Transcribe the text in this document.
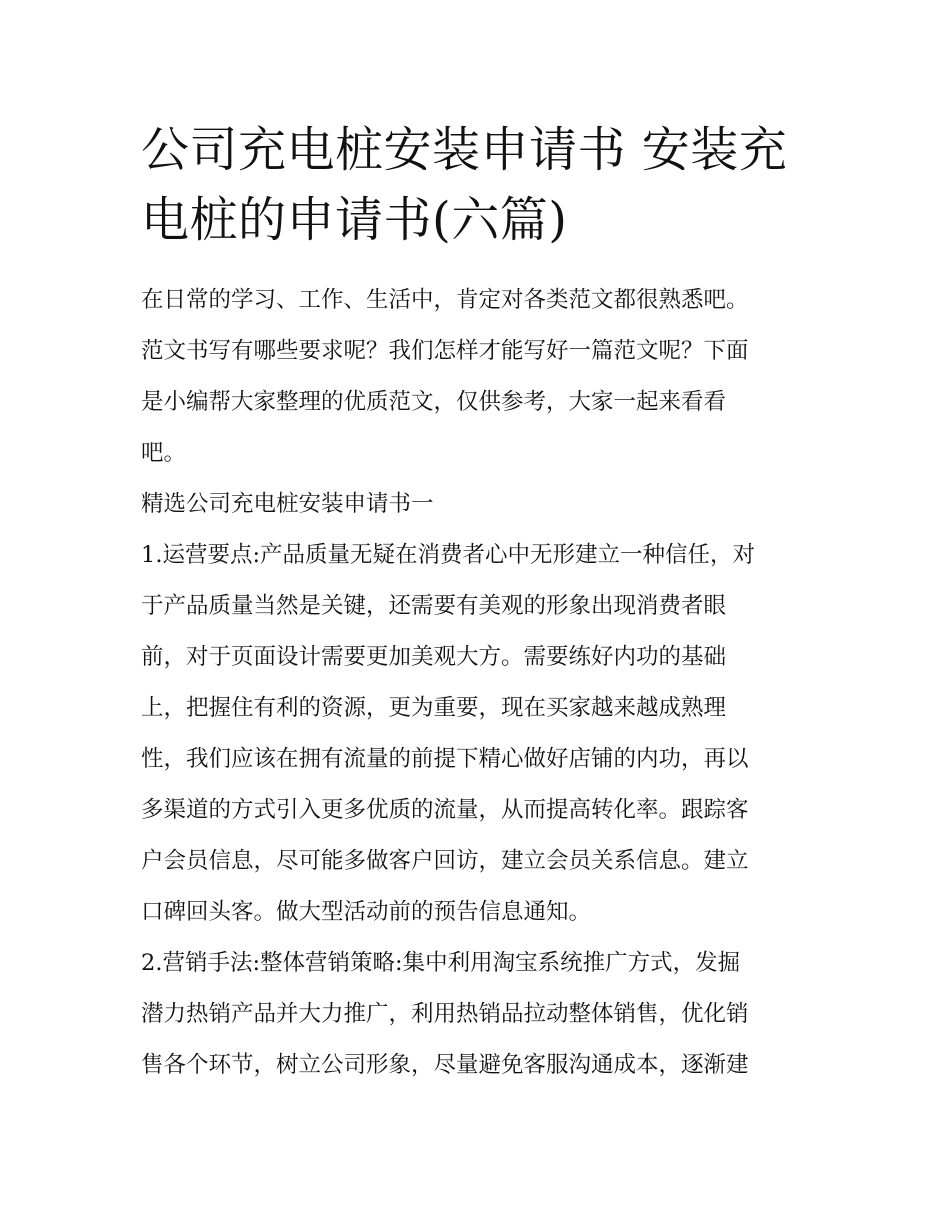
公司充电桩安装申请书 安装充
电桩的申请书(六篇)
在日常的学习、工作、生活中，肯定对各类范文都很熟悉吧。
范文书写有哪些要求呢？我们怎样才能写好一篇范文呢？下面
是小编帮大家整理的优质范文，仅供参考，大家一起来看看
吧。
精选公司充电桩安装申请书一
1.运营要点:产品质量无疑在消费者心中无形建立一种信任，对
于产品质量当然是关键，还需要有美观的形象出现消费者眼
前，对于页面设计需要更加美观大方。需要练好内功的基础
上，把握住有利的资源，更为重要，现在买家越来越成熟理
性，我们应该在拥有流量的前提下精心做好店铺的内功，再以
多渠道的方式引入更多优质的流量，从而提高转化率。跟踪客
户会员信息，尽可能多做客户回访，建立会员关系信息。建立
口碑回头客。做大型活动前的预告信息通知。
2.营销手法:整体营销策略:集中利用淘宝系统推广方式，发掘
潜力热销产品并大力推广，利用热销品拉动整体销售，优化销
售各个环节，树立公司形象，尽量避免客服沟通成本，逐渐建
